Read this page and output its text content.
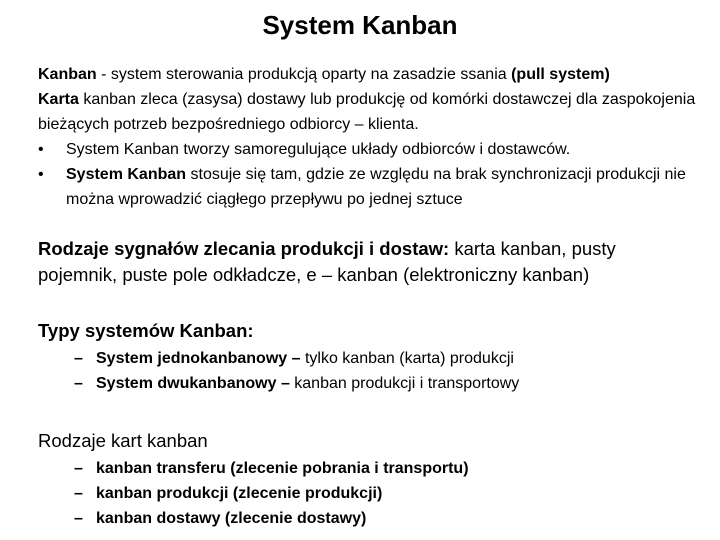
System Kanban

Kanban - system sterowania produkcją oparty na zasadzie ssania (pull system)

Karta kanban zleca (zasysa) dostawy lub produkcję od komórki dostawczej dla zaspokojenia bieżących potrzeb bezpośredniego odbiorcy – klienta.

•	System Kanban tworzy samoregulujące układy odbiorców i dostawców.
•	System Kanban stosuje się tam, gdzie ze względu na brak synchronizacji produkcji nie można wprowadzić ciągłego przepływu po jednej sztuce
Rodzaje sygnałów zlecania produkcji i dostaw: karta kanban, pusty pojemnik, puste pole odkładcze, e – kanban (elektroniczny kanban)
Typy systemów Kanban:
– System jednokanbanowy – tylko kanban (karta) produkcji
– System dwukanbanowy – kanban produkcji i transportowy
Rodzaje kart kanban
– kanban transferu (zlecenie pobrania i transportu)
– kanban produkcji (zlecenie produkcji)
– kanban dostawy (zlecenie dostawy)
